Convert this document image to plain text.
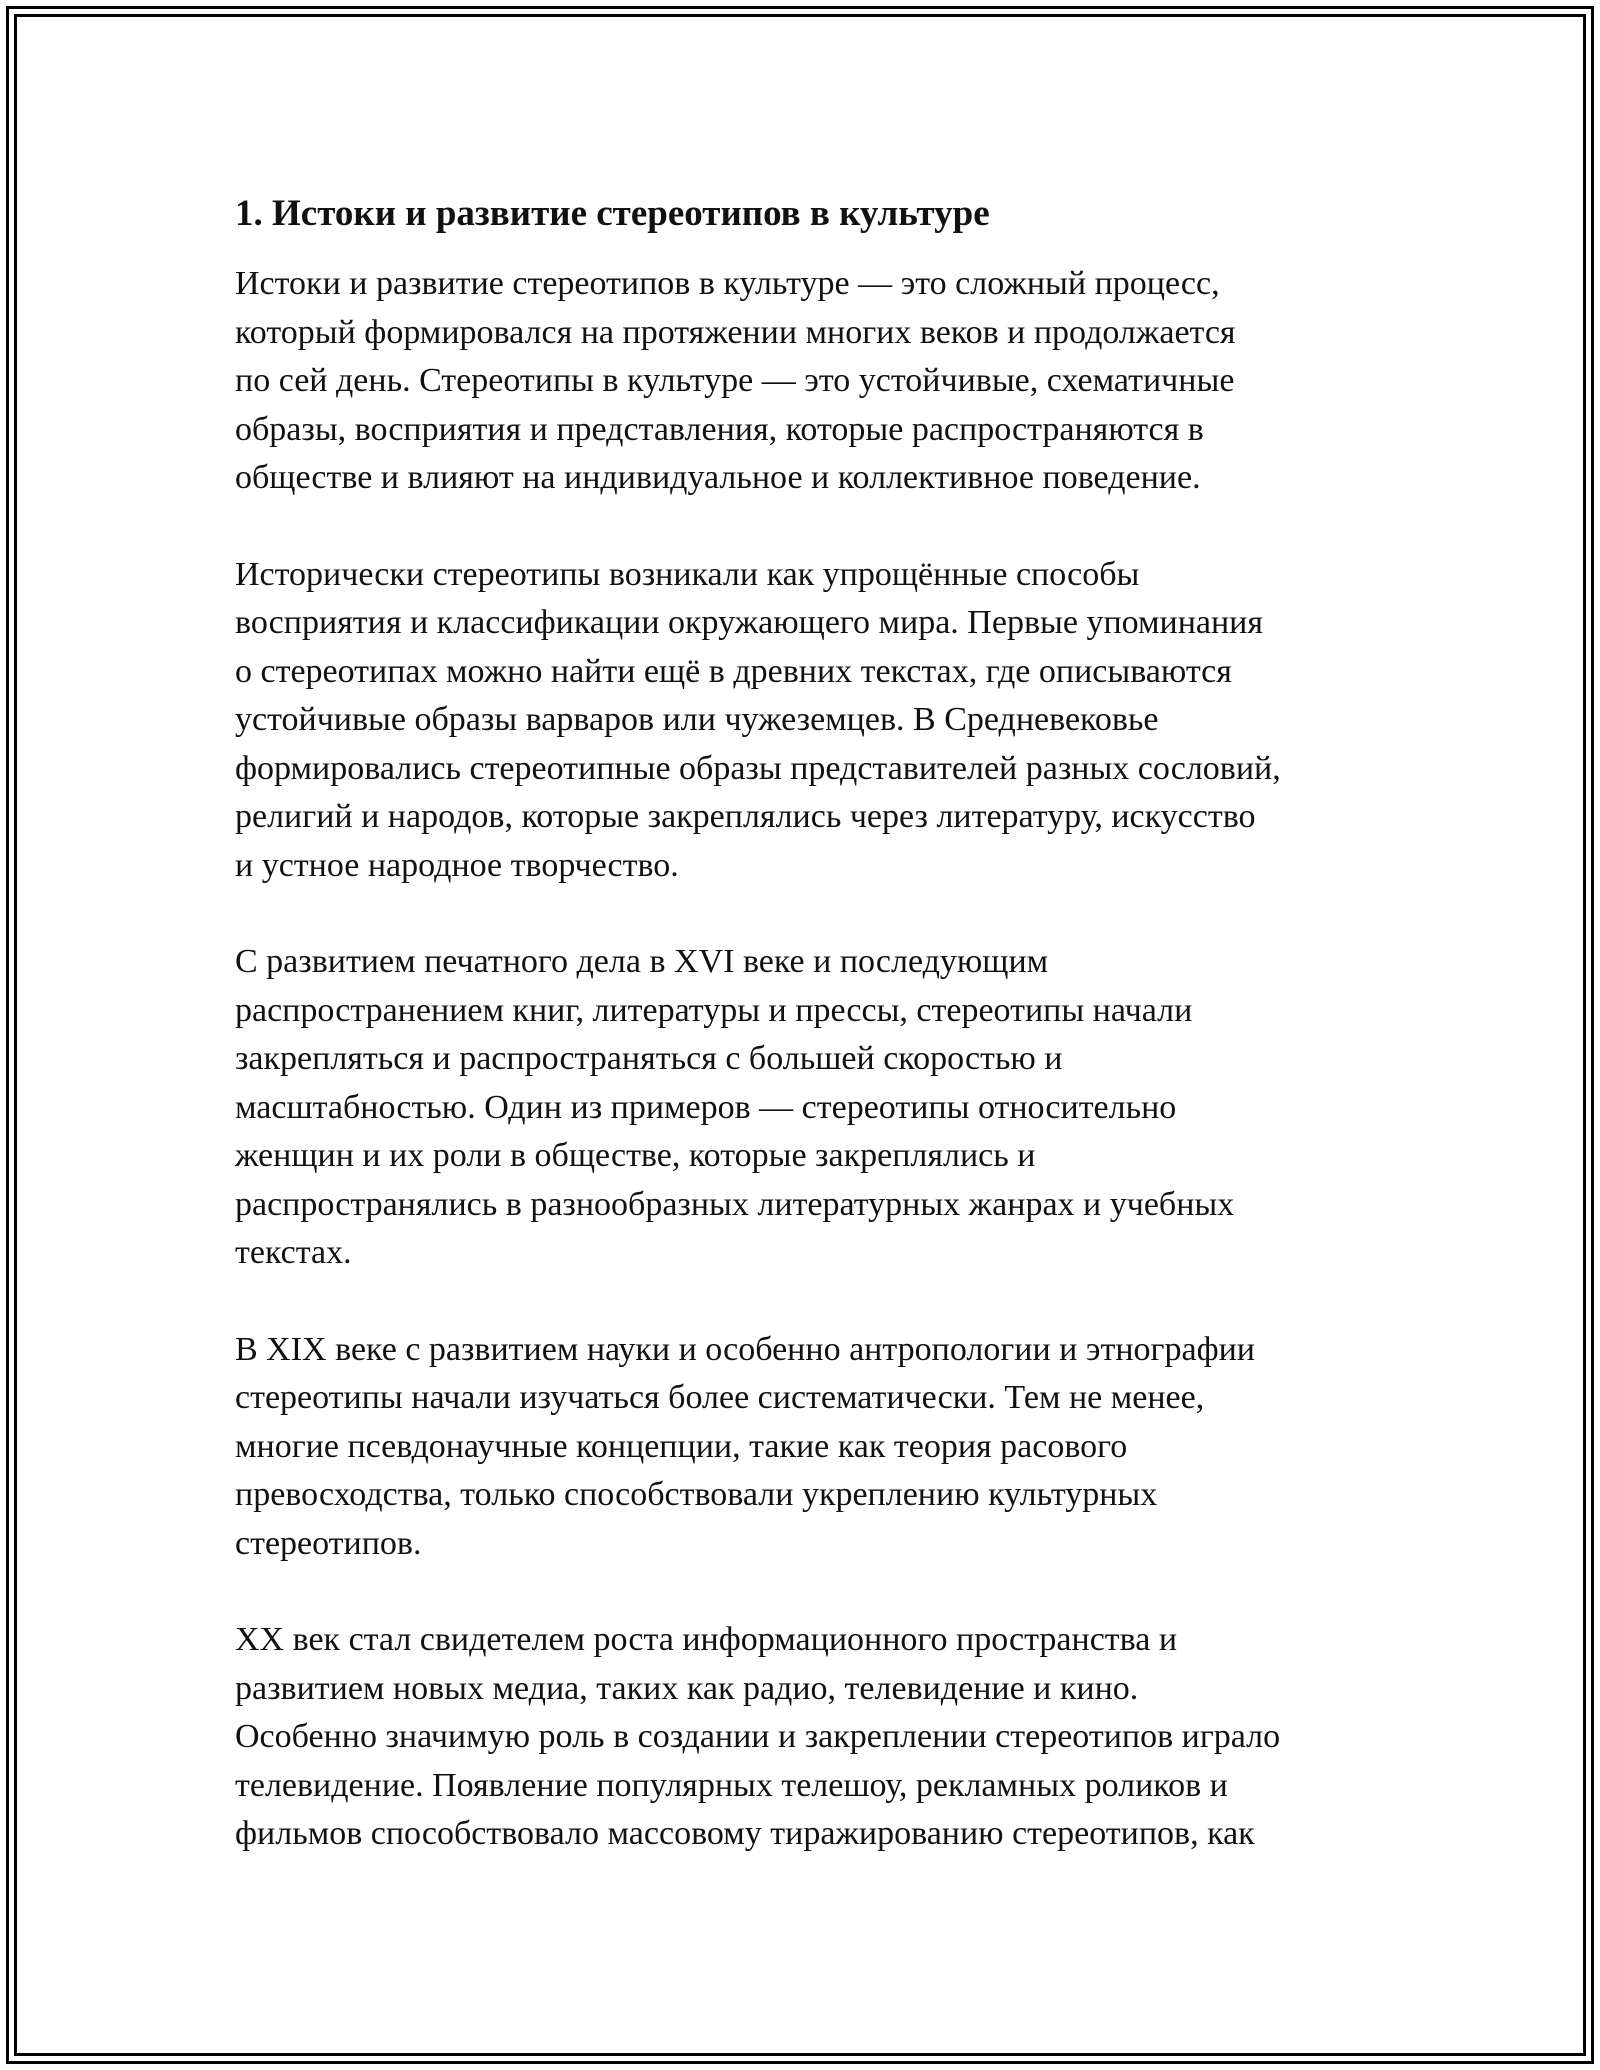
1. Истоки и развитие стереотипов в культуре

Истоки и развитие стереотипов в культуре — это сложный процесс,
который формировался на протяжении многих веков и продолжается
по сей день. Стереотипы в культуре — это устойчивые, схематичные
образы, восприятия и представления, которые распространяются в
обществе и влияют на индивидуальное и коллективное поведение.

Исторически стереотипы возникали как упрощённые способы
восприятия и классификации окружающего мира. Первые упоминания
о стереотипах можно найти ещё в древних текстах, где описываются
устойчивые образы варваров или чужеземцев. В Средневековье
формировались стереотипные образы представителей разных сословий,
религий и народов, которые закреплялись через литературу, искусство
и устное народное творчество.

С развитием печатного дела в XVI веке и последующим
распространением книг, литературы и прессы, стереотипы начали
закрепляться и распространяться с большей скоростью и
масштабностью. Один из примеров — стереотипы относительно
женщин и их роли в обществе, которые закреплялись и
распространялись в разнообразных литературных жанрах и учебных
текстах.

В XIX веке с развитием науки и особенно антропологии и этнографии
стереотипы начали изучаться более систематически. Тем не менее,
многие псевдонаучные концепции, такие как теория расового
превосходства, только способствовали укреплению культурных
стереотипов.

XX век стал свидетелем роста информационного пространства и
развитием новых медиа, таких как радио, телевидение и кино.
Особенно значимую роль в создании и закреплении стереотипов играло
телевидение. Появление популярных телешоу, рекламных роликов и
фильмов способствовало массовому тиражированию стереотипов, как
